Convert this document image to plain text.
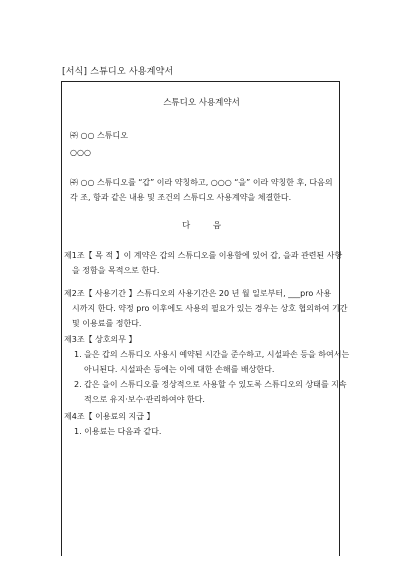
[서식] 스튜디오 사용계약서
스튜디오 사용계약서
㈜ ○○ 스튜디오
○○○
㈜ ○○ 스튜디오를 “갑” 이라 약칭하고, ○○○ “을” 이라 약칭한 후, 다음의
각 조, 항과 같은 내용 및 조건의 스튜디오 사용계약을 체결한다.
다 음
제1조【 목 적 】이 계약은 갑의 스튜디오를 이용함에 있어 갑, 을과 관련된 사항
을 정함을 목적으로 한다.
제2조【 사용기간 】스튜디오의 사용기간은 20 년 월 일로부터, ___pro 사용
시까지 한다. 약정 pro 이후에도 사용의 필요가 있는 경우는 상호 협의하여 기간
및 이용료를 정한다.
제3조【 상호의무 】
1. 을은 갑의 스튜디오 사용시 예약된 시간을 준수하고, 시설파손 등을 하여서는
아니된다. 시설파손 등에는 이에 대한 손해를 배상한다.
2. 갑은 을이 스튜디오를 정상적으로 사용할 수 있도록 스튜디오의 상태를 지속
적으로 유지·보수·관리하여야 한다.
제4조【 이용료의 지급 】
1. 이용료는 다음과 같다.
